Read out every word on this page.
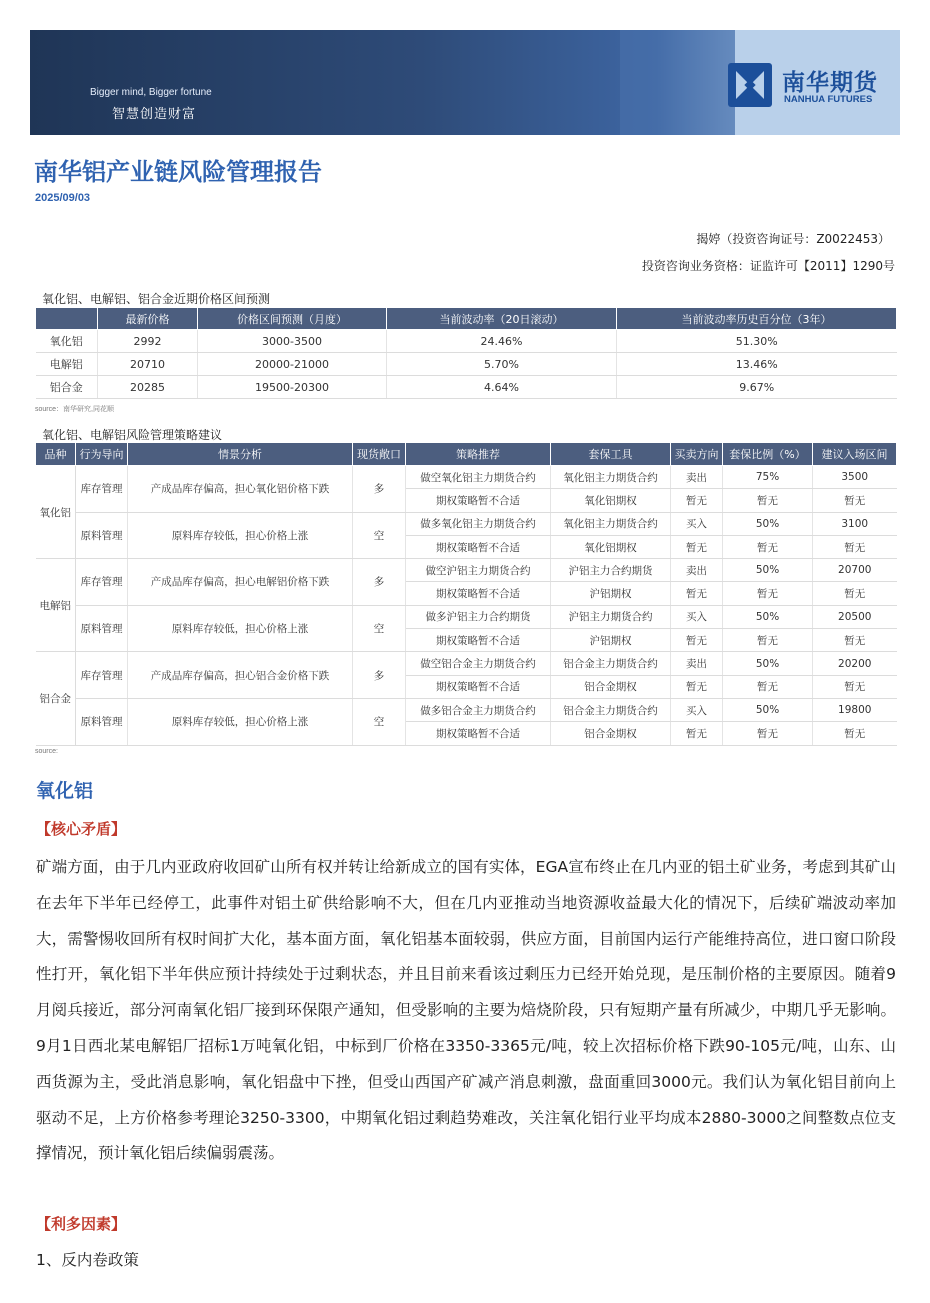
Bigger mind, Bigger fortune
智慧创造财富
南华期货
NANHUA FUTURES
南华铝产业链风险管理报告
2025/09/03
揭婷（投资咨询证号：Z0022453）
投资咨询业务资格：证监许可【2011】1290号
氧化铝、电解铝、铝合金近期价格区间预测
	最新价格	价格区间预测（月度）	当前波动率（20日滚动）	当前波动率历史百分位（3年）
氧化铝	2992	3000-3500	24.46%	51.30%
电解铝	20710	20000-21000	5.70%	13.46%
铝合金	20285	19500-20300	4.64%	9.67%
source：南华研究,同花顺
氧化铝、电解铝风险管理策略建议
品种	行为导向	情景分析	现货敞口	策略推荐	套保工具	买卖方向	套保比例（%）	建议入场区间
氧化铝	库存管理	产成品库存偏高，担心氧化铝价格下跌	多	做空氧化铝主力期货合约	氧化铝主力期货合约	卖出	75%	3500
				期权策略暂不合适	氧化铝期权	暂无	暂无	暂无
	原料管理	原料库存较低，担心价格上涨	空	做多氧化铝主力期货合约	氧化铝主力期货合约	买入	50%	3100
				期权策略暂不合适	氧化铝期权	暂无	暂无	暂无
电解铝	库存管理	产成品库存偏高，担心电解铝价格下跌	多	做空沪铝主力期货合约	沪铝主力合约期货	卖出	50%	20700
				期权策略暂不合适	沪铝期权	暂无	暂无	暂无
	原料管理	原料库存较低，担心价格上涨	空	做多沪铝主力合约期货	沪铝主力期货合约	买入	50%	20500
				期权策略暂不合适	沪铝期权	暂无	暂无	暂无
铝合金	库存管理	产成品库存偏高，担心铝合金价格下跌	多	做空铝合金主力期货合约	铝合金主力期货合约	卖出	50%	20200
				期权策略暂不合适	铝合金期权	暂无	暂无	暂无
	原料管理	原料库存较低，担心价格上涨	空	做多铝合金主力期货合约	铝合金主力期货合约	买入	50%	19800
				期权策略暂不合适	铝合金期权	暂无	暂无	暂无
source:
氧化铝
【核心矛盾】
矿端方面，由于几内亚政府收回矿山所有权并转让给新成立的国有实体，EGA宣布终止在几内亚的铝土矿业务，考虑到其矿山在去年下半年已经停工，此事件对铝土矿供给影响不大，但在几内亚推动当地资源收益最大化的情况下，后续矿端波动率加大，需警惕收回所有权时间扩大化，基本面方面，氧化铝基本面较弱，供应方面，目前国内运行产能维持高位，进口窗口阶段性打开，氧化铝下半年供应预计持续处于过剩状态，并且目前来看该过剩压力已经开始兑现，是压制价格的主要原因。随着9月阅兵接近，部分河南氧化铝厂接到环保限产通知，但受影响的主要为焙烧阶段，只有短期产量有所减少，中期几乎无影响。9月1日西北某电解铝厂招标1万吨氧化铝，中标到厂价格在3350-3365元/吨，较上次招标价格下跌90-105元/吨，山东、山西货源为主，受此消息影响，氧化铝盘中下挫，但受山西国产矿减产消息刺激，盘面重回3000元。我们认为氧化铝目前向上驱动不足，上方价格参考理论3250-3300，中期氧化铝过剩趋势难改，关注氧化铝行业平均成本2880-3000之间整数点位支撑情况，预计氧化铝后续偏弱震荡。
【利多因素】
1、反内卷政策
